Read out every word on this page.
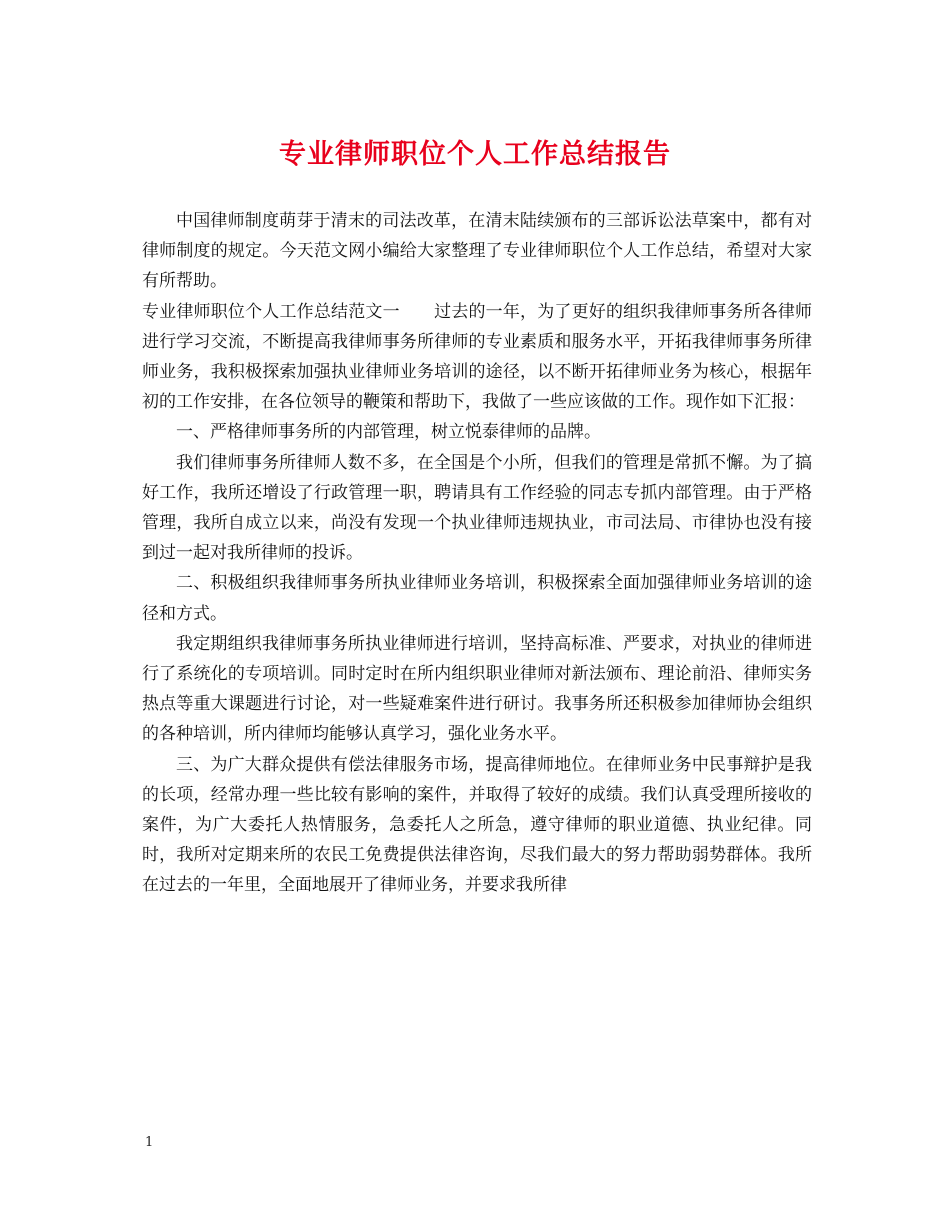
专业律师职位个人工作总结报告

中国律师制度萌芽于清末的司法改革，在清末陆续颁布的三部诉讼法草案中，都有对律师制度的规定。今天范文网小编给大家整理了专业律师职位个人工作总结，希望对大家有所帮助。

专业律师职位个人工作总结范文一　　过去的一年，为了更好的组织我律师事务所各律师进行学习交流，不断提高我律师事务所律师的专业素质和服务水平，开拓我律师事务所律师业务，我积极探索加强执业律师业务培训的途径，以不断开拓律师业务为核心，根据年初的工作安排，在各位领导的鞭策和帮助下，我做了一些应该做的工作。现作如下汇报：

一、严格律师事务所的内部管理，树立悦泰律师的品牌。

我们律师事务所律师人数不多，在全国是个小所，但我们的管理是常抓不懈。为了搞好工作，我所还增设了行政管理一职，聘请具有工作经验的同志专抓内部管理。由于严格管理，我所自成立以来，尚没有发现一个执业律师违规执业，市司法局、市律协也没有接到过一起对我所律师的投诉。

二、积极组织我律师事务所执业律师业务培训，积极探索全面加强律师业务培训的途径和方式。

我定期组织我律师事务所执业律师进行培训，坚持高标准、严要求，对执业的律师进行了系统化的专项培训。同时定时在所内组织职业律师对新法颁布、理论前沿、律师实务热点等重大课题进行讨论，对一些疑难案件进行研讨。我事务所还积极参加律师协会组织的各种培训，所内律师均能够认真学习，强化业务水平。

三、为广大群众提供有偿法律服务市场，提高律师地位。在律师业务中民事辩护是我的长项，经常办理一些比较有影响的案件，并取得了较好的成绩。我们认真受理所接收的案件，为广大委托人热情服务，急委托人之所急，遵守律师的职业道德、执业纪律。同时，我所对定期来所的农民工免费提供法律咨询，尽我们最大的努力帮助弱势群体。我所在过去的一年里，全面地展开了律师业务，并要求我所律

1
